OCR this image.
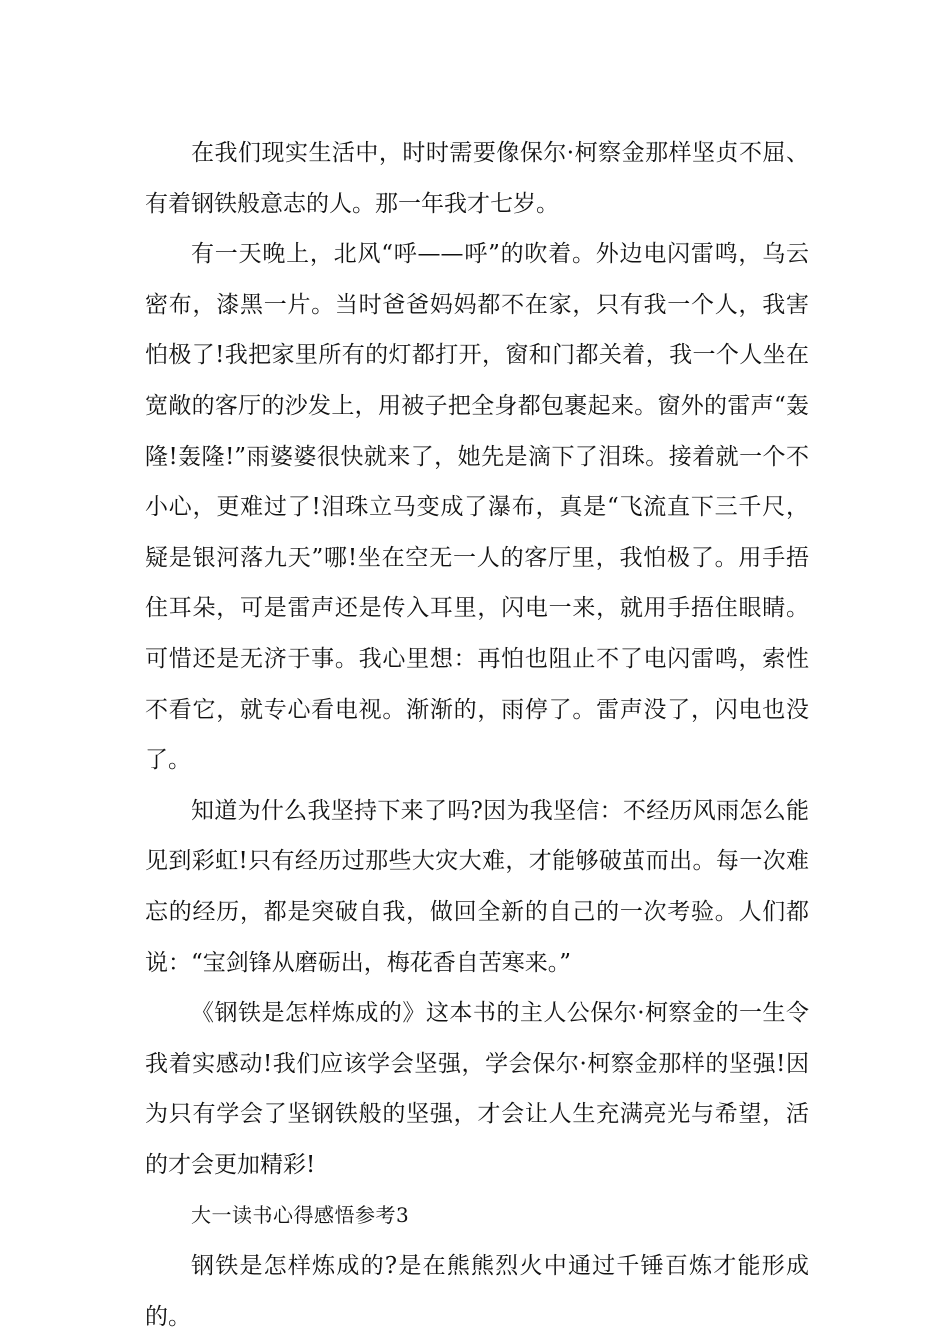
在我们现实生活中，时时需要像保尔·柯察金那样坚贞不屈、有着钢铁般意志的人。那一年我才七岁。

有一天晚上，北风“呼——呼”的吹着。外边电闪雷鸣，乌云密布，漆黑一片。当时爸爸妈妈都不在家，只有我一个人，我害怕极了!我把家里所有的灯都打开，窗和门都关着，我一个人坐在宽敞的客厅的沙发上，用被子把全身都包裹起来。窗外的雷声“轰隆!轰隆!”雨婆婆很快就来了，她先是滴下了泪珠。接着就一个不小心，更难过了!泪珠立马变成了瀑布，真是“飞流直下三千尺，疑是银河落九天”哪!坐在空无一人的客厅里，我怕极了。用手捂住耳朵，可是雷声还是传入耳里，闪电一来，就用手捂住眼睛。可惜还是无济于事。我心里想：再怕也阻止不了电闪雷鸣，索性不看它，就专心看电视。渐渐的，雨停了。雷声没了，闪电也没了。

知道为什么我坚持下来了吗?因为我坚信：不经历风雨怎么能见到彩虹!只有经历过那些大灾大难，才能够破茧而出。每一次难忘的经历，都是突破自我，做回全新的自己的一次考验。人们都说：“宝剑锋从磨砺出，梅花香自苦寒来。”

《钢铁是怎样炼成的》这本书的主人公保尔·柯察金的一生令我着实感动!我们应该学会坚强，学会保尔·柯察金那样的坚强!因为只有学会了坚钢铁般的坚强，才会让人生充满亮光与希望，活的才会更加精彩!

大一读书心得感悟参考3

钢铁是怎样炼成的?是在熊熊烈火中通过千锤百炼才能形成的。
